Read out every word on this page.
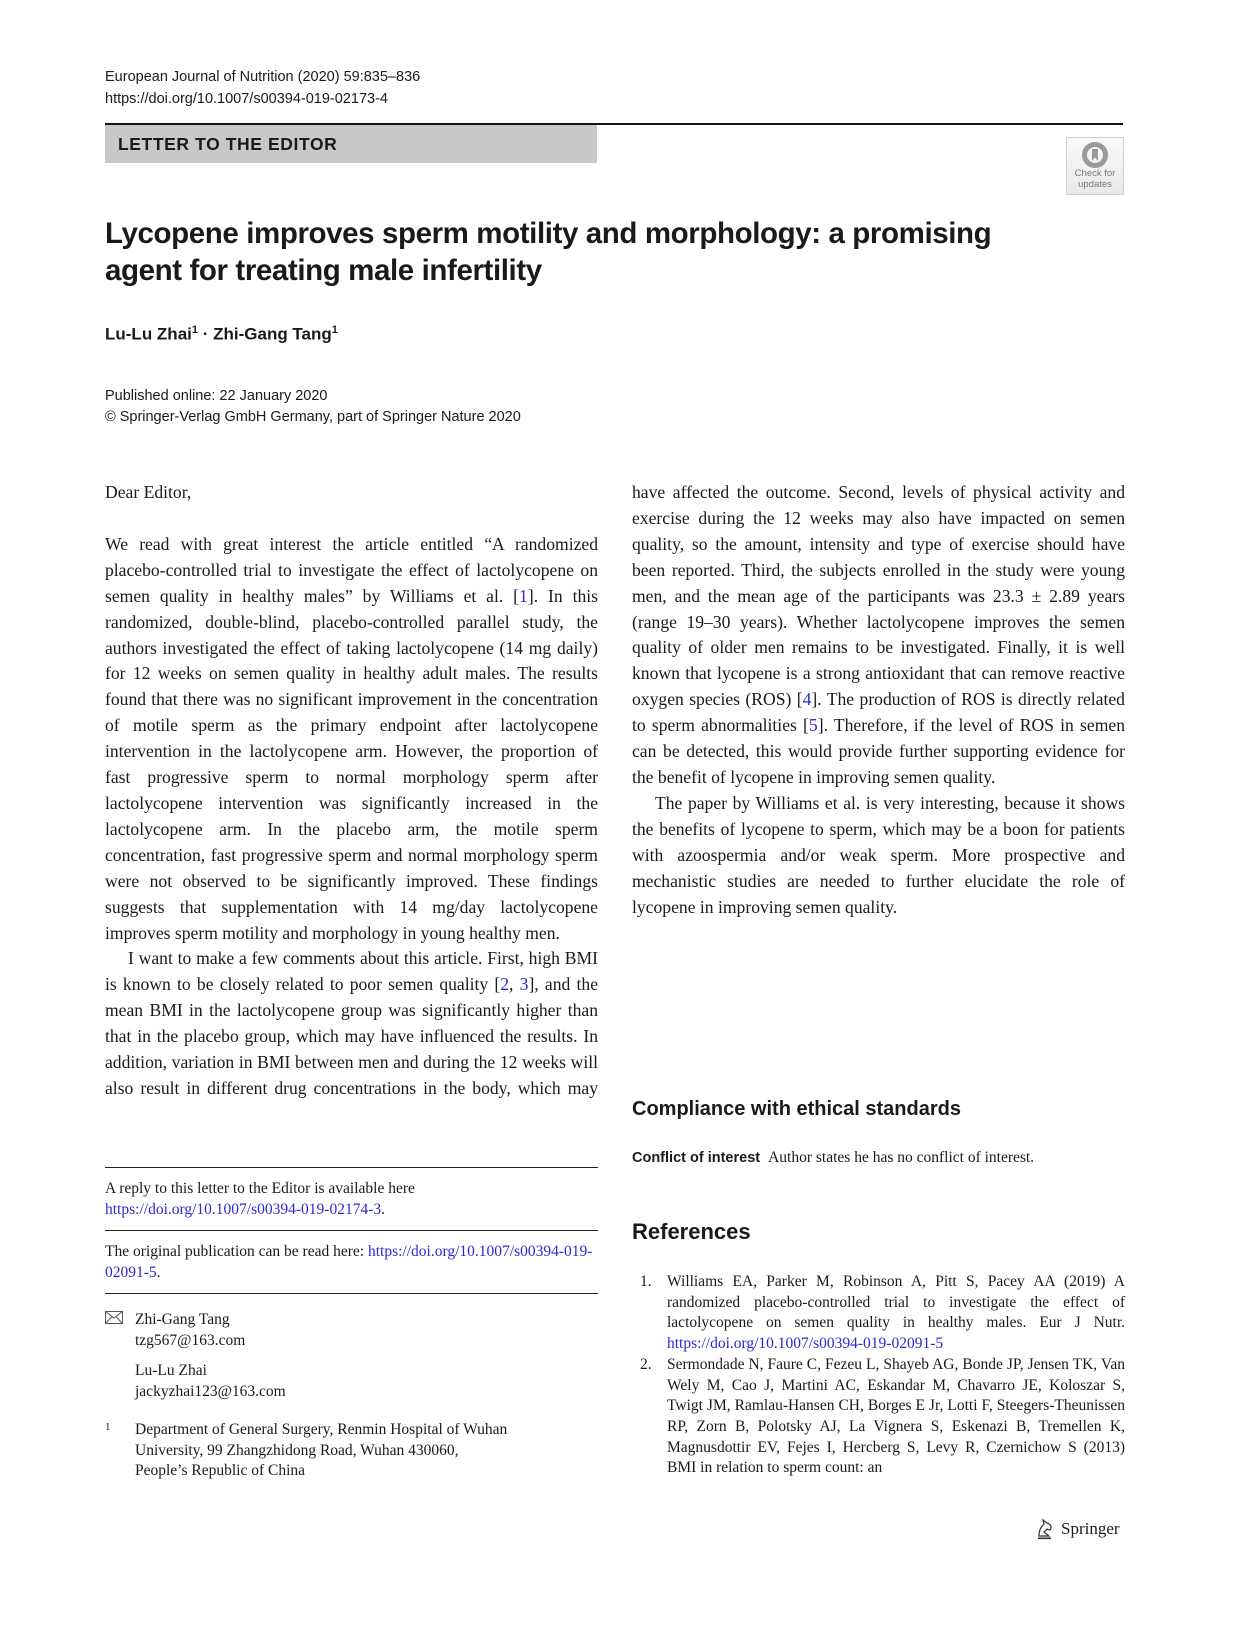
European Journal of Nutrition (2020) 59:835–836
https://doi.org/10.1007/s00394-019-02173-4
LETTER TO THE EDITOR
Check for
updates
Lycopene improves sperm motility and morphology: a promising agent for treating male infertility
Lu-Lu Zhai$^1$ · Zhi-Gang Tang$^1$
Published online: 22 January 2020
© Springer-Verlag GmbH Germany, part of Springer Nature 2020

Dear Editor,

We read with great interest the article entitled “A randomized placebo-controlled trial to investigate the effect of lactolycopene on semen quality in healthy males” by Williams et al. [1]. In this randomized, double-blind, placebo-controlled parallel study, the authors investigated the effect of taking lactolycopene (14 mg daily) for 12 weeks on semen quality in healthy adult males. The results found that there was no significant improvement in the concentration of motile sperm as the primary endpoint after lactolycopene intervention in the lactolycopene arm. However, the proportion of fast progressive sperm to normal morphology sperm after lactolycopene intervention was significantly increased in the lactolycopene arm. In the placebo arm, the motile sperm concentration, fast progressive sperm and normal morphology sperm were not observed to be significantly improved. These findings suggests that supplementation with 14 mg/day lactolycopene improves sperm motility and morphology in young healthy men.

I want to make a few comments about this article. First, high BMI is known to be closely related to poor semen quality [2, 3], and the mean BMI in the lactolycopene group was significantly higher than that in the placebo group, which may have influenced the results. In addition, variation in BMI between men and during the 12 weeks will also result in different drug concentrations in the body, which may have affected the outcome. Second, levels of physical activity and exercise during the 12 weeks may also have impacted on semen quality, so the amount, intensity and type of exercise should have been reported. Third, the subjects enrolled in the study were young men, and the mean age of the participants was 23.3 ± 2.89 years (range 19–30 years). Whether lactolycopene improves the semen quality of older men remains to be investigated. Finally, it is well known that lycopene is a strong antioxidant that can remove reactive oxygen species (ROS) [4]. The production of ROS is directly related to sperm abnormalities [5]. Therefore, if the level of ROS in semen can be detected, this would provide further supporting evidence for the benefit of lycopene in improving semen quality.

The paper by Williams et al. is very interesting, because it shows the benefits of lycopene to sperm, which may be a boon for patients with azoospermia and/or weak sperm. More prospective and mechanistic studies are needed to further elucidate the role of lycopene in improving semen quality.

A reply to this letter to the Editor is available here https://doi.org/10.1007/s00394-019-02174-3.
The original publication can be read here: https://doi.org/10.1007/s00394-019-02091-5.
Zhi-Gang Tang
tzg567@163.com
Lu-Lu Zhai
jackyzhai123@163.com
1	Department of General Surgery, Renmin Hospital of Wuhan
University, 99 Zhangzhidong Road, Wuhan 430060,
People’s Republic of China
Compliance with ethical standards
Conflict of interest Author states he has no conflict of interest.
References
1. Williams EA, Parker M, Robinson A, Pitt S, Pacey AA (2019) A randomized placebo-controlled trial to investigate the effect of lactolycopene on semen quality in healthy males. Eur J Nutr. https://doi.org/10.1007/s00394-019-02091-5
2. Sermondade N, Faure C, Fezeu L, Shayeb AG, Bonde JP, Jensen TK, Van Wely M, Cao J, Martini AC, Eskandar M, Chavarro JE, Koloszar S, Twigt JM, Ramlau-Hansen CH, Borges E Jr, Lotti F, Steegers-Theunissen RP, Zorn B, Polotsky AJ, La Vignera S, Eskenazi B, Tremellen K, Magnusdottir EV, Fejes I, Hercberg S, Levy R, Czernichow S (2013) BMI in relation to sperm count: an
Springer
